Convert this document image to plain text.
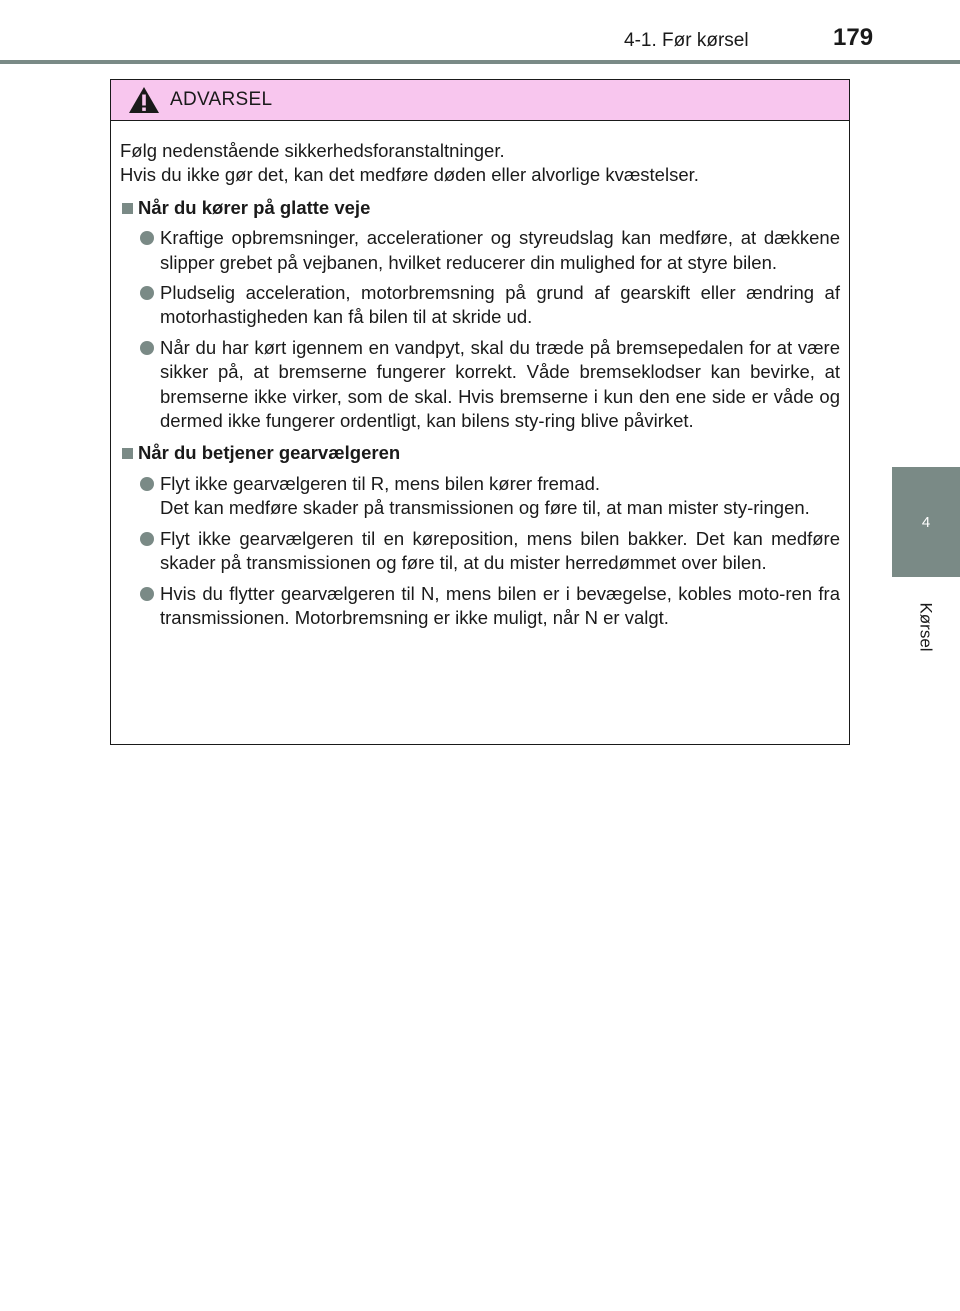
4-1. Før kørsel	179
4
Kørsel
ADVARSEL

Følg nedenstående sikkerhedsforanstaltninger.

Hvis du ikke gør det, kan det medføre døden eller alvorlige kvæstelser.

Når du kører på glatte veje

Kraftige opbremsninger, accelerationer og styreudslag kan medføre, at dækkene slipper grebet på vejbanen, hvilket reducerer din mulighed for at styre bilen.

Pludselig acceleration, motorbremsning på grund af gearskift eller ændring af motorhastigheden kan få bilen til at skride ud.

Når du har kørt igennem en vandpyt, skal du træde på bremsepedalen for at være sikker på, at bremserne fungerer korrekt. Våde bremseklodser kan bevirke, at bremserne ikke virker, som de skal. Hvis bremserne i kun den ene side er våde og dermed ikke fungerer ordentligt, kan bilens sty-ring blive påvirket.

Når du betjener gearvælgeren

Flyt ikke gearvælgeren til R, mens bilen kører fremad.

Det kan medføre skader på transmissionen og føre til, at man mister sty-ringen.

Flyt ikke gearvælgeren til en køreposition, mens bilen bakker. Det kan medføre skader på transmissionen og føre til, at du mister herredømmet over bilen.

Hvis du flytter gearvælgeren til N, mens bilen er i bevægelse, kobles moto-ren fra transmissionen. Motorbremsning er ikke muligt, når N er valgt.
